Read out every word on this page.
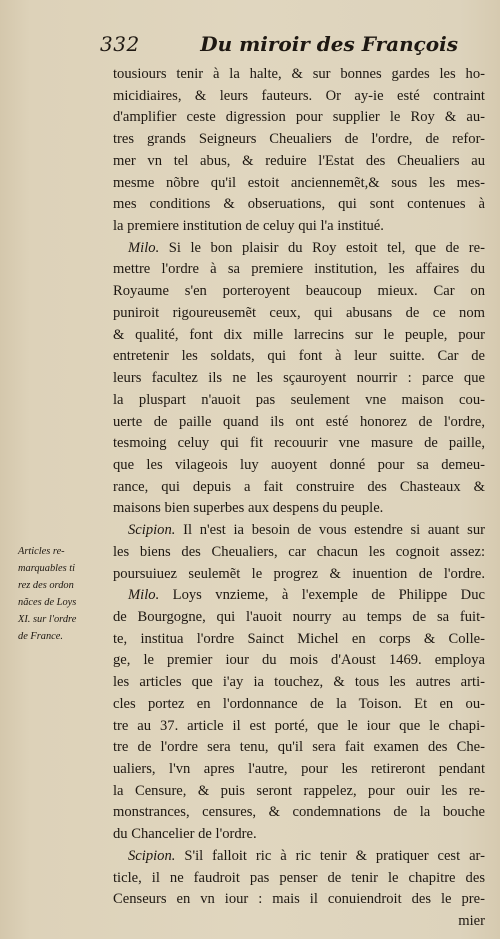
332	Du miroir des François
Articles re-
marquables ti
rez des ordon
nãces de Loys
XI. sur l'ordre
de France.
tousiours tenir à la halte, & sur bonnes gardes les ho-
micidiaires, & leurs fauteurs. Or ay-ie esté contraint
d'amplifier ceste digression pour supplier le Roy & au-
tres grands Seigneurs Cheualiers de l'ordre, de refor-
mer vn tel abus, & reduire l'Estat des Cheualiers au
mesme nõbre qu'il estoit anciennemẽt,& sous les mes-
mes conditions & obseruations, qui sont contenues à
la premiere institution de celuy qui l'a institué.
Milo. Si le bon plaisir du Roy estoit tel, que de re-
mettre l'ordre à sa premiere institution, les affaires du
Royaume s'en porteroyent beaucoup mieux. Car on
puniroit rigoureusemẽt ceux, qui abusans de ce nom
& qualité, font dix mille larrecins sur le peuple, pour
entretenir les soldats, qui font à leur suitte. Car de
leurs facultez ils ne les sçauroyent nourrir : parce que
la pluspart n'auoit pas seulement vne maison cou-
uerte de paille quand ils ont esté honorez de l'ordre,
tesmoing celuy qui fit recouurir vne masure de paille,
que les vilageois luy auoyent donné pour sa demeu-
rance, qui depuis a fait construire des Chasteaux &
maisons bien superbes aux despens du peuple.
Scipion. Il n'est ia besoin de vous estendre si auant sur
les biens des Cheualiers, car chacun les cognoit assez:
poursuiuez seulemẽt le progrez & inuention de l'ordre.
Milo. Loys vnzieme, à l'exemple de Philippe Duc
de Bourgogne, qui l'auoit nourry au temps de sa fuit-
te, institua l'ordre Sainct Michel en corps & Colle-
ge, le premier iour du mois d'Aoust 1469. employa
les articles que i'ay ia touchez, & tous les autres arti-
cles portez en l'ordonnance de la Toison. Et en ou-
tre au 37. article il est porté, que le iour que le chapi-
tre de l'ordre sera tenu, qu'il sera fait examen des Che-
ualiers, l'vn apres l'autre, pour les retireront pendant
la Censure, & puis seront rappelez, pour ouir les re-
monstrances, censures, & condemnations de la bouche
du Chancelier de l'ordre.
Scipion. S'il falloit ric à ric tenir & pratiquer cest ar-
ticle, il ne faudroit pas penser de tenir le chapitre des
Censeurs en vn iour : mais il conuiendroit des le pre-
mier
